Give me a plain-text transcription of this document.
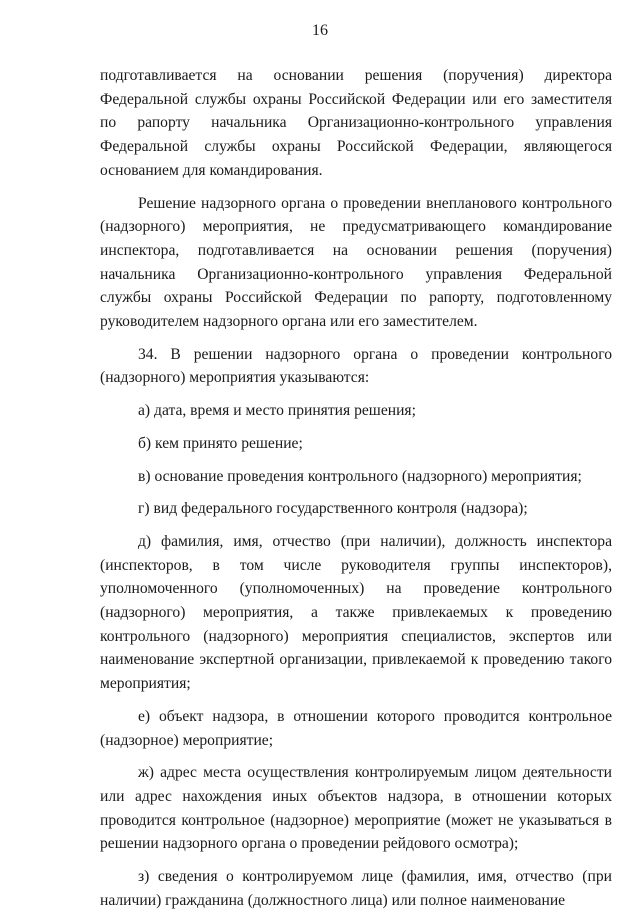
16

подготавливается на основании решения (поручения) директора Федеральной службы охраны Российской Федерации или его заместителя по рапорту начальника Организационно-контрольного управления Федеральной службы охраны Российской Федерации, являющегося основанием для командирования.

Решение надзорного органа о проведении внепланового контрольного (надзорного) мероприятия, не предусматривающего командирование инспектора, подготавливается на основании решения (поручения) начальника Организационно-контрольного управления Федеральной службы охраны Российской Федерации по рапорту, подготовленному руководителем надзорного органа или его заместителем.

34. В решении надзорного органа о проведении контрольного (надзорного) мероприятия указываются:

а) дата, время и место принятия решения;

б) кем принято решение;

в) основание проведения контрольного (надзорного) мероприятия;

г) вид федерального государственного контроля (надзора);

д) фамилия, имя, отчество (при наличии), должность инспектора (инспекторов, в том числе руководителя группы инспекторов), уполномоченного (уполномоченных) на проведение контрольного (надзорного) мероприятия, а также привлекаемых к проведению контрольного (надзорного) мероприятия специалистов, экспертов или наименование экспертной организации, привлекаемой к проведению такого мероприятия;

е) объект надзора, в отношении которого проводится контрольное (надзорное) мероприятие;

ж) адрес места осуществления контролируемым лицом деятельности или адрес нахождения иных объектов надзора, в отношении которых проводится контрольное (надзорное) мероприятие (может не указываться в решении надзорного органа о проведении рейдового осмотра);

з) сведения о контролируемом лице (фамилия, имя, отчество (при наличии) гражданина (должностного лица) или полное наименование
